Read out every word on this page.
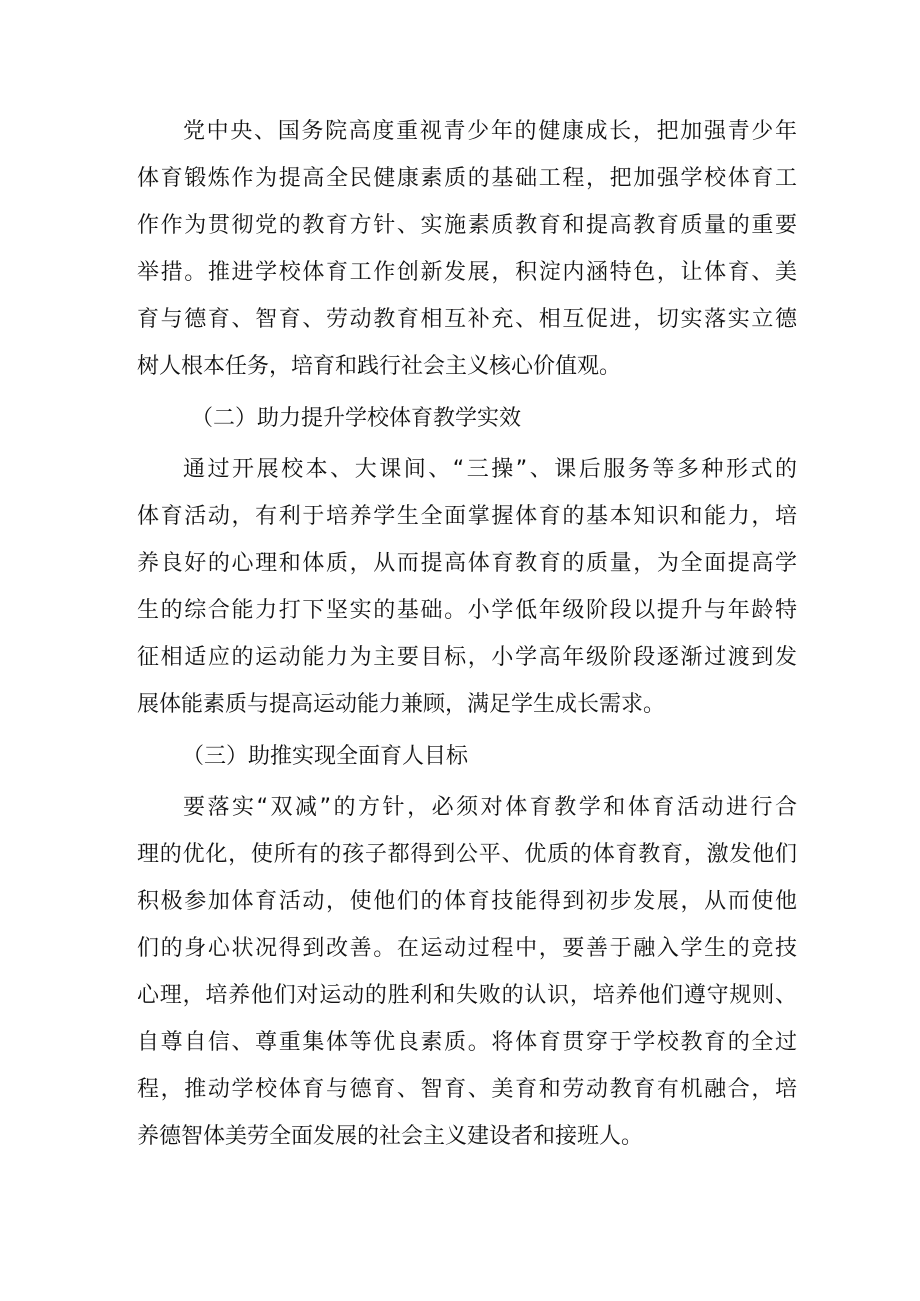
党中央、国务院高度重视青少年的健康成长，把加强青少年
体育锻炼作为提高全民健康素质的基础工程，把加强学校体育工
作作为贯彻党的教育方针、实施素质教育和提高教育质量的重要
举措。推进学校体育工作创新发展，积淀内涵特色，让体育、美
育与德育、智育、劳动教育相互补充、相互促进，切实落实立德
树人根本任务，培育和践行社会主义核心价值观。
（二）助力提升学校体育教学实效
通过开展校本、大课间、“三操”、课后服务等多种形式的
体育活动，有利于培养学生全面掌握体育的基本知识和能力，培
养良好的心理和体质，从而提高体育教育的质量，为全面提高学
生的综合能力打下坚实的基础。小学低年级阶段以提升与年龄特
征相适应的运动能力为主要目标，小学高年级阶段逐渐过渡到发
展体能素质与提高运动能力兼顾，满足学生成长需求。
（三）助推实现全面育人目标
要落实“双减”的方针，必须对体育教学和体育活动进行合
理的优化，使所有的孩子都得到公平、优质的体育教育，激发他们
积极参加体育活动，使他们的体育技能得到初步发展，从而使他
们的身心状况得到改善。在运动过程中，要善于融入学生的竞技
心理，培养他们对运动的胜利和失败的认识，培养他们遵守规则、
自尊自信、尊重集体等优良素质。将体育贯穿于学校教育的全过
程，推动学校体育与德育、智育、美育和劳动教育有机融合，培
养德智体美劳全面发展的社会主义建设者和接班人。
